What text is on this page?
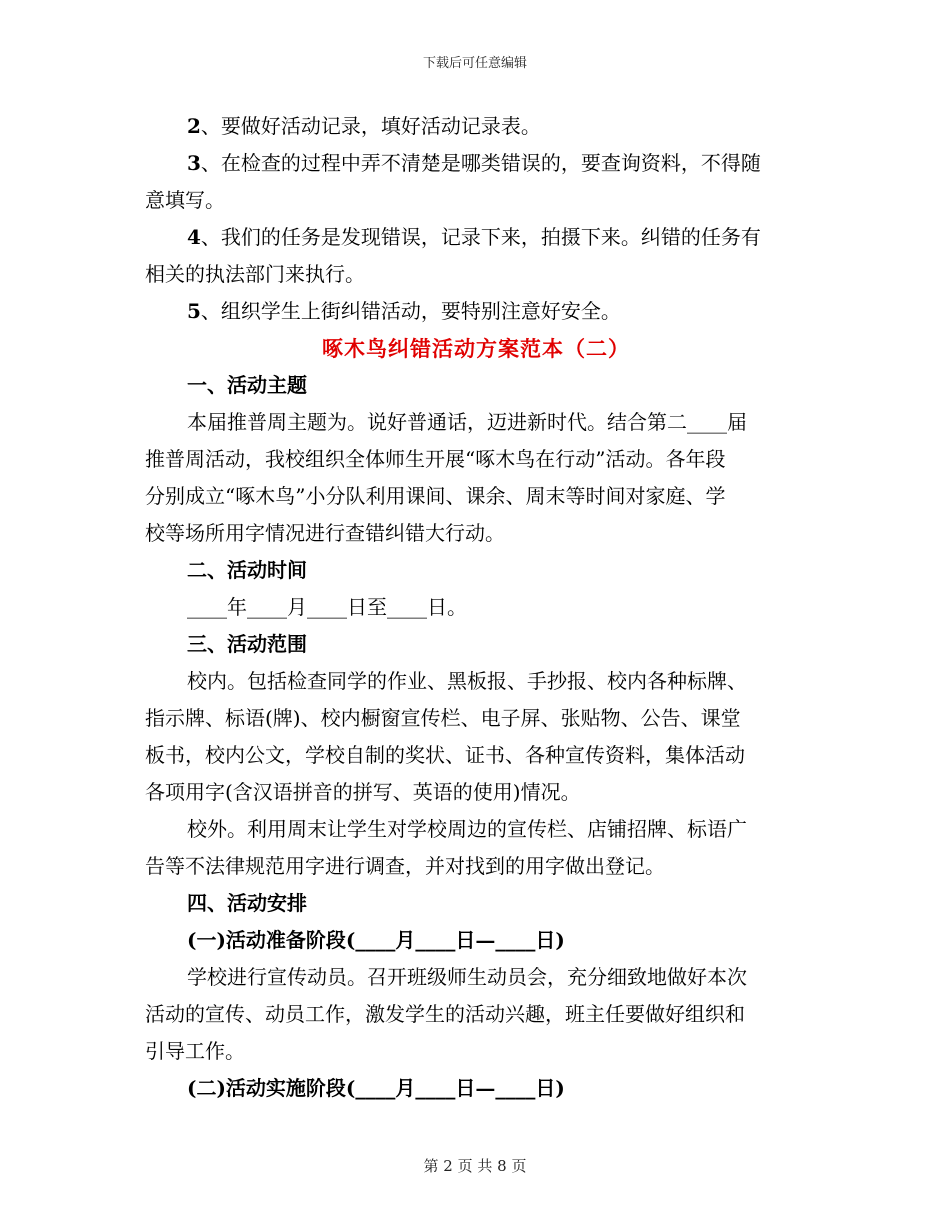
下载后可任意编辑
2、要做好活动记录，填好活动记录表。
3、在检查的过程中弄不清楚是哪类错误的，要查询资料，不得随
意填写。
4、我们的任务是发现错误，记录下来，拍摄下来。纠错的任务有
相关的执法部门来执行。
5、组织学生上街纠错活动，要特别注意好安全。
啄木鸟纠错活动方案范本（二）
一、活动主题
本届推普周主题为。说好普通话，迈进新时代。结合第二____届
推普周活动，我校组织全体师生开展“啄木鸟在行动”活动。各年段
分别成立“啄木鸟”小分队利用课间、课余、周末等时间对家庭、学
校等场所用字情况进行查错纠错大行动。
二、活动时间
____年____月____日至____日。
三、活动范围
校内。包括检查同学的作业、黑板报、手抄报、校内各种标牌、
指示牌、标语(牌)、校内橱窗宣传栏、电子屏、张贴物、公告、课堂
板书，校内公文，学校自制的奖状、证书、各种宣传资料，集体活动
各项用字(含汉语拼音的拼写、英语的使用)情况。
校外。利用周末让学生对学校周边的宣传栏、店铺招牌、标语广
告等不法律规范用字进行调查，并对找到的用字做出登记。
四、活动安排
(一)活动准备阶段(____月____日—____日)
学校进行宣传动员。召开班级师生动员会，充分细致地做好本次
活动的宣传、动员工作，激发学生的活动兴趣，班主任要做好组织和
引导工作。
(二)活动实施阶段(____月____日—____日)
第 2 页 共 8 页
